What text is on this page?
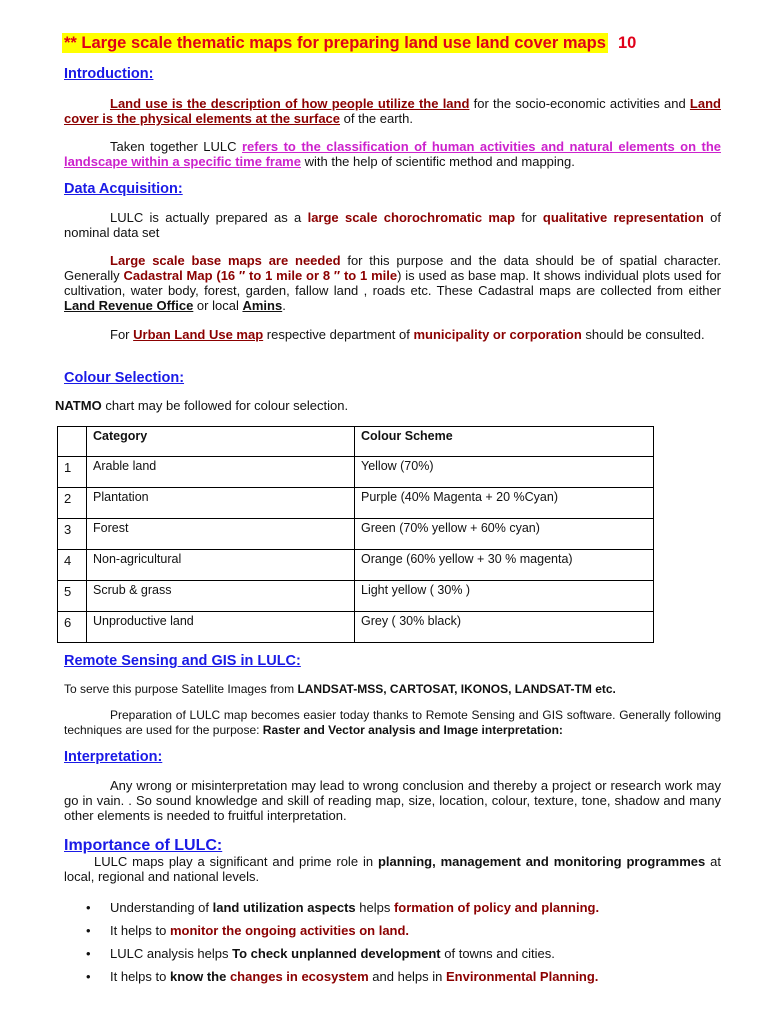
** Large scale thematic maps for preparing land use land cover maps 10
Introduction:
Land use is the description of how people utilize the land for the socio-economic activities and Land cover is the physical elements at the surface of the earth.
Taken together LULC refers to the classification of human activities and natural elements on the landscape within a specific time frame with the help of scientific method and mapping.
Data Acquisition:
LULC is actually prepared as a large scale chorochromatic map for qualitative representation of nominal data set
Large scale base maps are needed for this purpose and the data should be of spatial character. Generally Cadastral Map (16 ″ to 1 mile or 8 ″ to 1 mile) is used as base map. It shows individual plots used for cultivation, water body, forest, garden, fallow land , roads etc. These Cadastral maps are collected from either Land Revenue Office or local Amins.
For Urban Land Use map respective department of municipality or corporation should be consulted.
Colour Selection:
NATMO chart may be followed for colour selection.
	Category	Colour Scheme
1	Arable land	Yellow (70%)
2	Plantation	Purple (40% Magenta + 20 %Cyan)
3	Forest	Green (70% yellow + 60% cyan)
4	Non-agricultural	Orange (60% yellow + 30 % magenta)
5	Scrub & grass	Light yellow ( 30% )
6	Unproductive land	Grey ( 30% black)
Remote Sensing and GIS in LULC:
To serve this purpose Satellite Images from LANDSAT-MSS, CARTOSAT, IKONOS, LANDSAT-TM etc.
Preparation of LULC map becomes easier today thanks to Remote Sensing and GIS software. Generally following techniques are used for the purpose: Raster and Vector analysis and Image interpretation:
Interpretation:
Any wrong or misinterpretation may lead to wrong conclusion and thereby a project or research work may go in vain. . So sound knowledge and skill of reading map, size, location, colour, texture, tone, shadow and many other elements is needed to fruitful interpretation.
Importance of LULC:
LULC maps play a significant and prime role in planning, management and monitoring programmes at local, regional and national levels.
• Understanding of land utilization aspects helps formation of policy and planning.
• It helps to monitor the ongoing activities on land.
• LULC analysis helps To check unplanned development of towns and cities.
• It helps to know the changes in ecosystem and helps in Environmental Planning.
